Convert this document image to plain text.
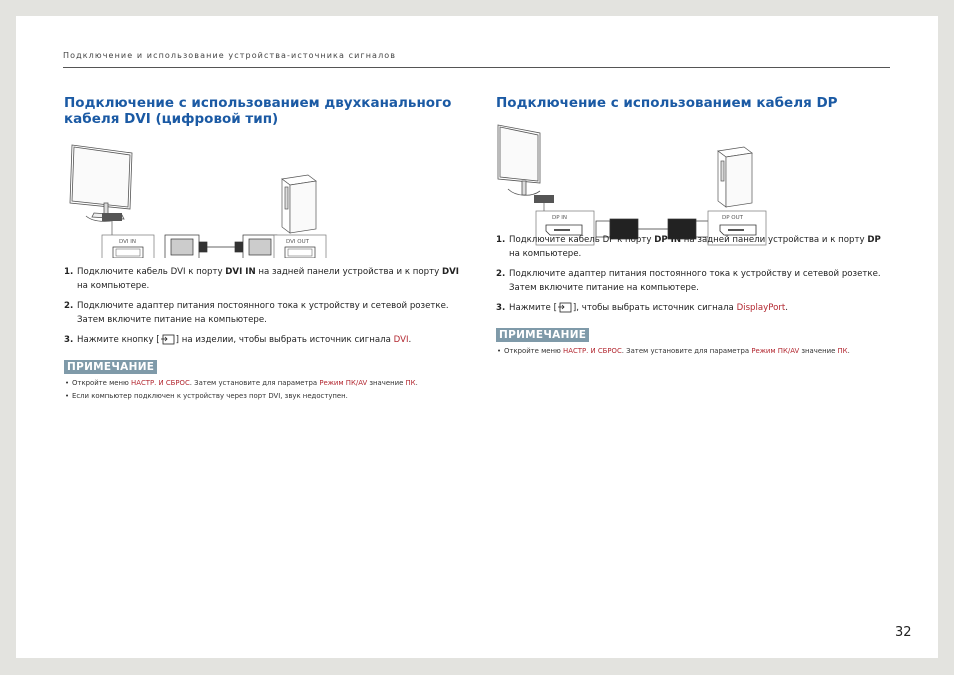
Подключение и использование устройства-источника сигналов
Подключение с использованием двухканального кабеля DVI (цифровой тип)
DVI IN	DVI OUT
1. Подключите кабель DVI к порту DVI IN на задней панели устройства и к порту DVI на компьютере.
2. Подключите адаптер питания постоянного тока к устройству и сетевой розетке. Затем включите питание на компьютере.
3. Нажмите кнопку [ ] на изделии, чтобы выбрать источник сигнала DVI.
ПРИМЕЧАНИЕ
• Откройте меню НАСТР. И СБРОС. Затем установите для параметра Режим ПК/AV значение ПК.
• Если компьютер подключен к устройству через порт DVI, звук недоступен.
Подключение с использованием кабеля DP
DP IN	DP OUT
1. Подключите кабель DP к порту DP IN на задней панели устройства и к порту DP на компьютере.
2. Подключите адаптер питания постоянного тока к устройству и сетевой розетке. Затем включите питание на компьютере.
3. Нажмите [ ], чтобы выбрать источник сигнала DisplayPort.
ПРИМЕЧАНИЕ
• Откройте меню НАСТР. И СБРОС. Затем установите для параметра Режим ПК/AV значение ПК.
32
